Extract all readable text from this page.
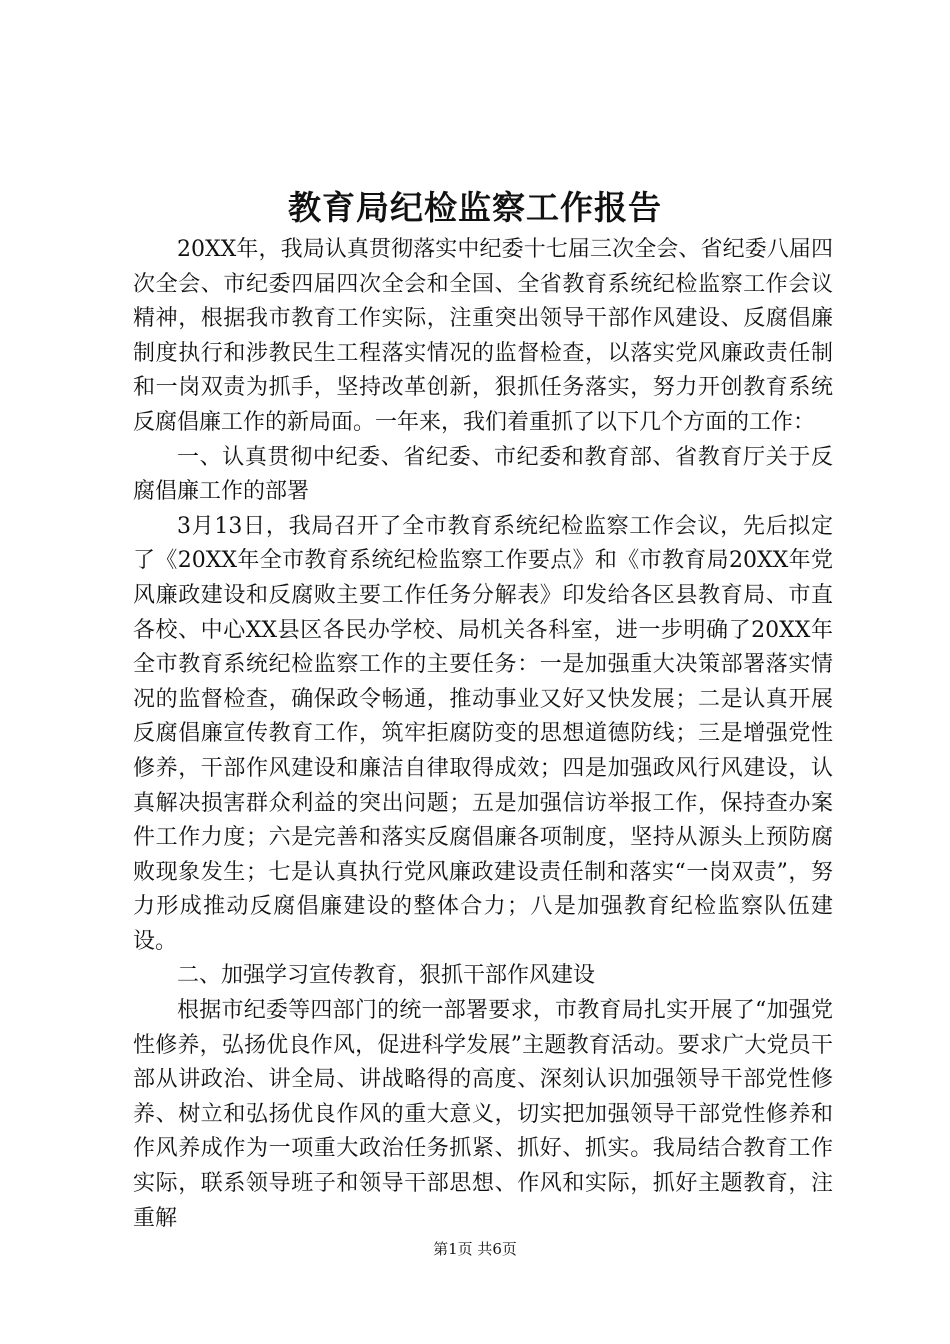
教育局纪检监察工作报告

20XX年，我局认真贯彻落实中纪委十七届三次全会、省纪委八届四次全会、市纪委四届四次全会和全国、全省教育系统纪检监察工作会议精神，根据我市教育工作实际，注重突出领导干部作风建设、反腐倡廉制度执行和涉教民生工程落实情况的监督检查，以落实党风廉政责任制和一岗双责为抓手，坚持改革创新，狠抓任务落实，努力开创教育系统反腐倡廉工作的新局面。一年来，我们着重抓了以下几个方面的工作：

一、认真贯彻中纪委、省纪委、市纪委和教育部、省教育厅关于反腐倡廉工作的部署

3月13日，我局召开了全市教育系统纪检监察工作会议，先后拟定了《20XX年全市教育系统纪检监察工作要点》和《市教育局20XX年党风廉政建设和反腐败主要工作任务分解表》印发给各区县教育局、市直各校、中心XX县区各民办学校、局机关各科室，进一步明确了20XX年全市教育系统纪检监察工作的主要任务：一是加强重大决策部署落实情况的监督检查，确保政令畅通，推动事业又好又快发展；二是认真开展反腐倡廉宣传教育工作，筑牢拒腐防变的思想道德防线；三是增强党性修养，干部作风建设和廉洁自律取得成效；四是加强政风行风建设，认真解决损害群众利益的突出问题；五是加强信访举报工作，保持查办案件工作力度；六是完善和落实反腐倡廉各项制度，坚持从源头上预防腐败现象发生；七是认真执行党风廉政建设责任制和落实“一岗双责”，努力形成推动反腐倡廉建设的整体合力；八是加强教育纪检监察队伍建设。

二、加强学习宣传教育，狠抓干部作风建设

根据市纪委等四部门的统一部署要求，市教育局扎实开展了“加强党性修养，弘扬优良作风，促进科学发展”主题教育活动。要求广大党员干部从讲政治、讲全局、讲战略得的高度、深刻认识加强领导干部党性修养、树立和弘扬优良作风的重大意义，切实把加强领导干部党性修养和作风养成作为一项重大政治任务抓紧、抓好、抓实。我局结合教育工作实际，联系领导班子和领导干部思想、作风和实际，抓好主题教育，注重解

第1页 共6页
